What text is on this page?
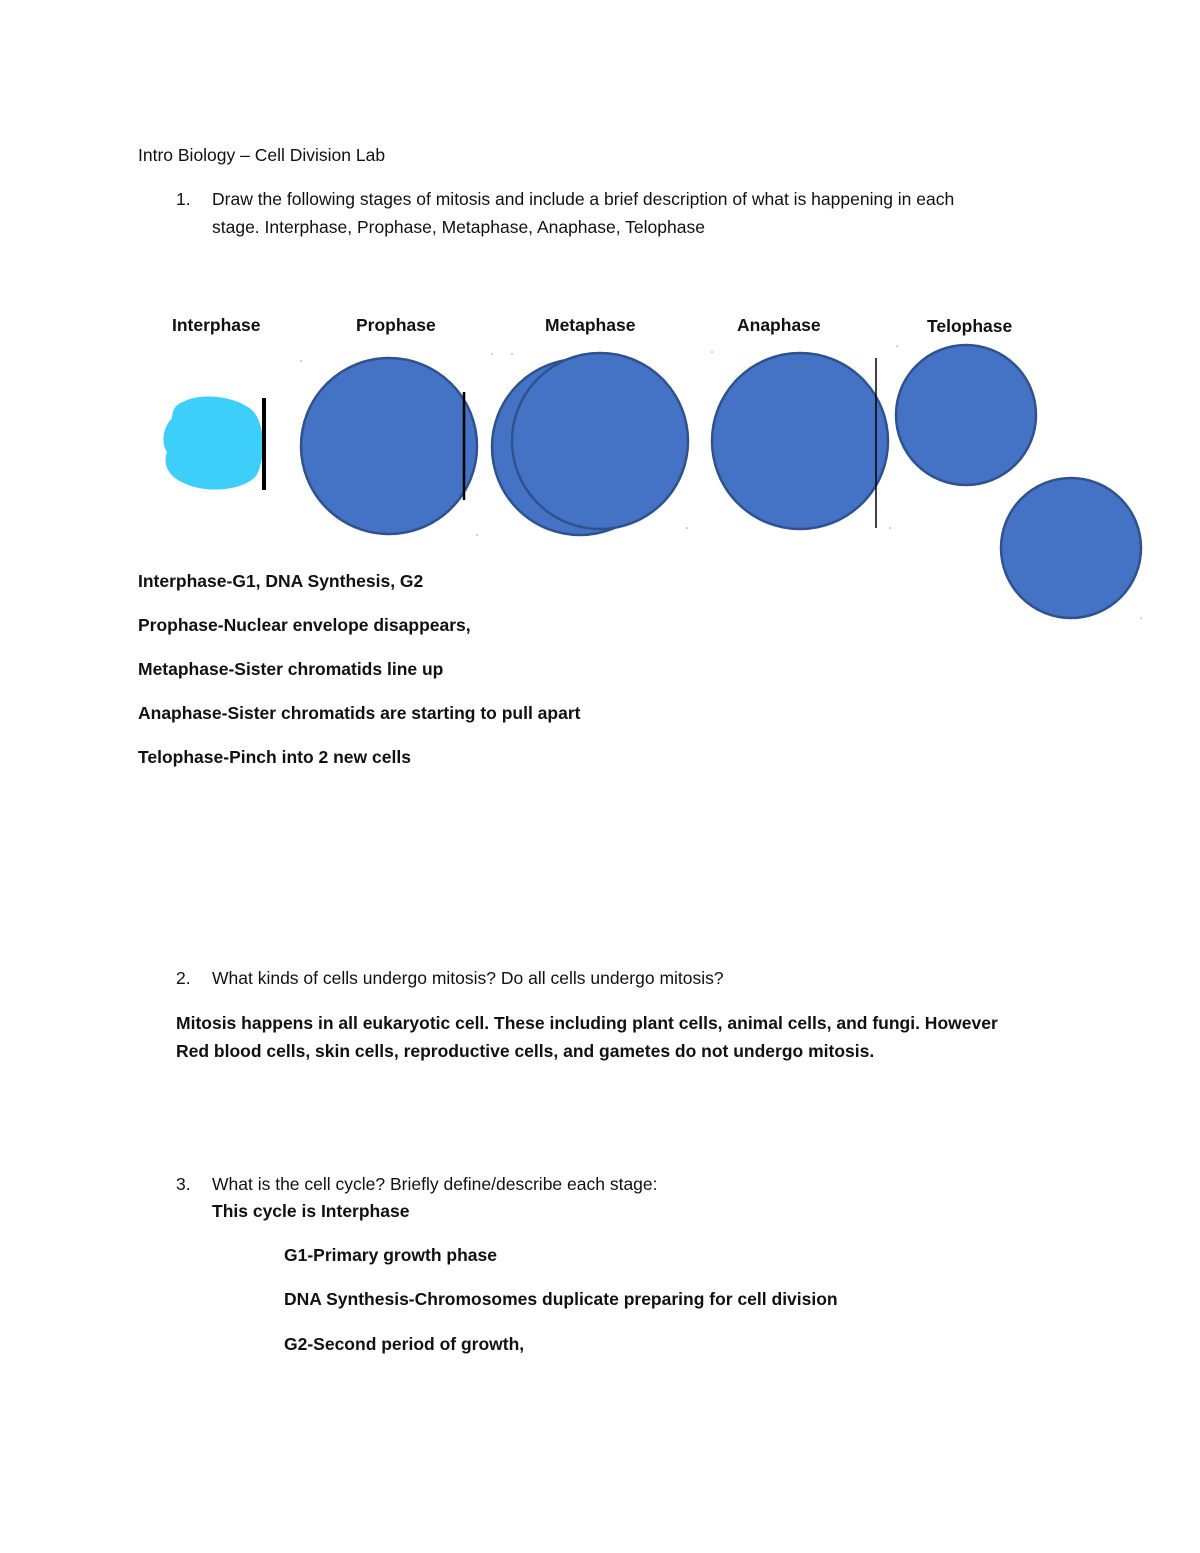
Intro Biology – Cell Division Lab
1. Draw the following stages of mitosis and include a brief description of what is happening in each
stage. Interphase, Prophase, Metaphase, Anaphase, Telophase
Interphase	Prophase	Metaphase	Anaphase	Telophase
Interphase-G1, DNA Synthesis, G2
Prophase-Nuclear envelope disappears,
Metaphase-Sister chromatids line up
Anaphase-Sister chromatids are starting to pull apart
Telophase-Pinch into 2 new cells
2. What kinds of cells undergo mitosis? Do all cells undergo mitosis?
Mitosis happens in all eukaryotic cell. These including plant cells, animal cells, and fungi. However
Red blood cells, skin cells, reproductive cells, and gametes do not undergo mitosis.
3. What is the cell cycle? Briefly define/describe each stage:
This cycle is Interphase
G1-Primary growth phase
DNA Synthesis-Chromosomes duplicate preparing for cell division
G2-Second period of growth,
